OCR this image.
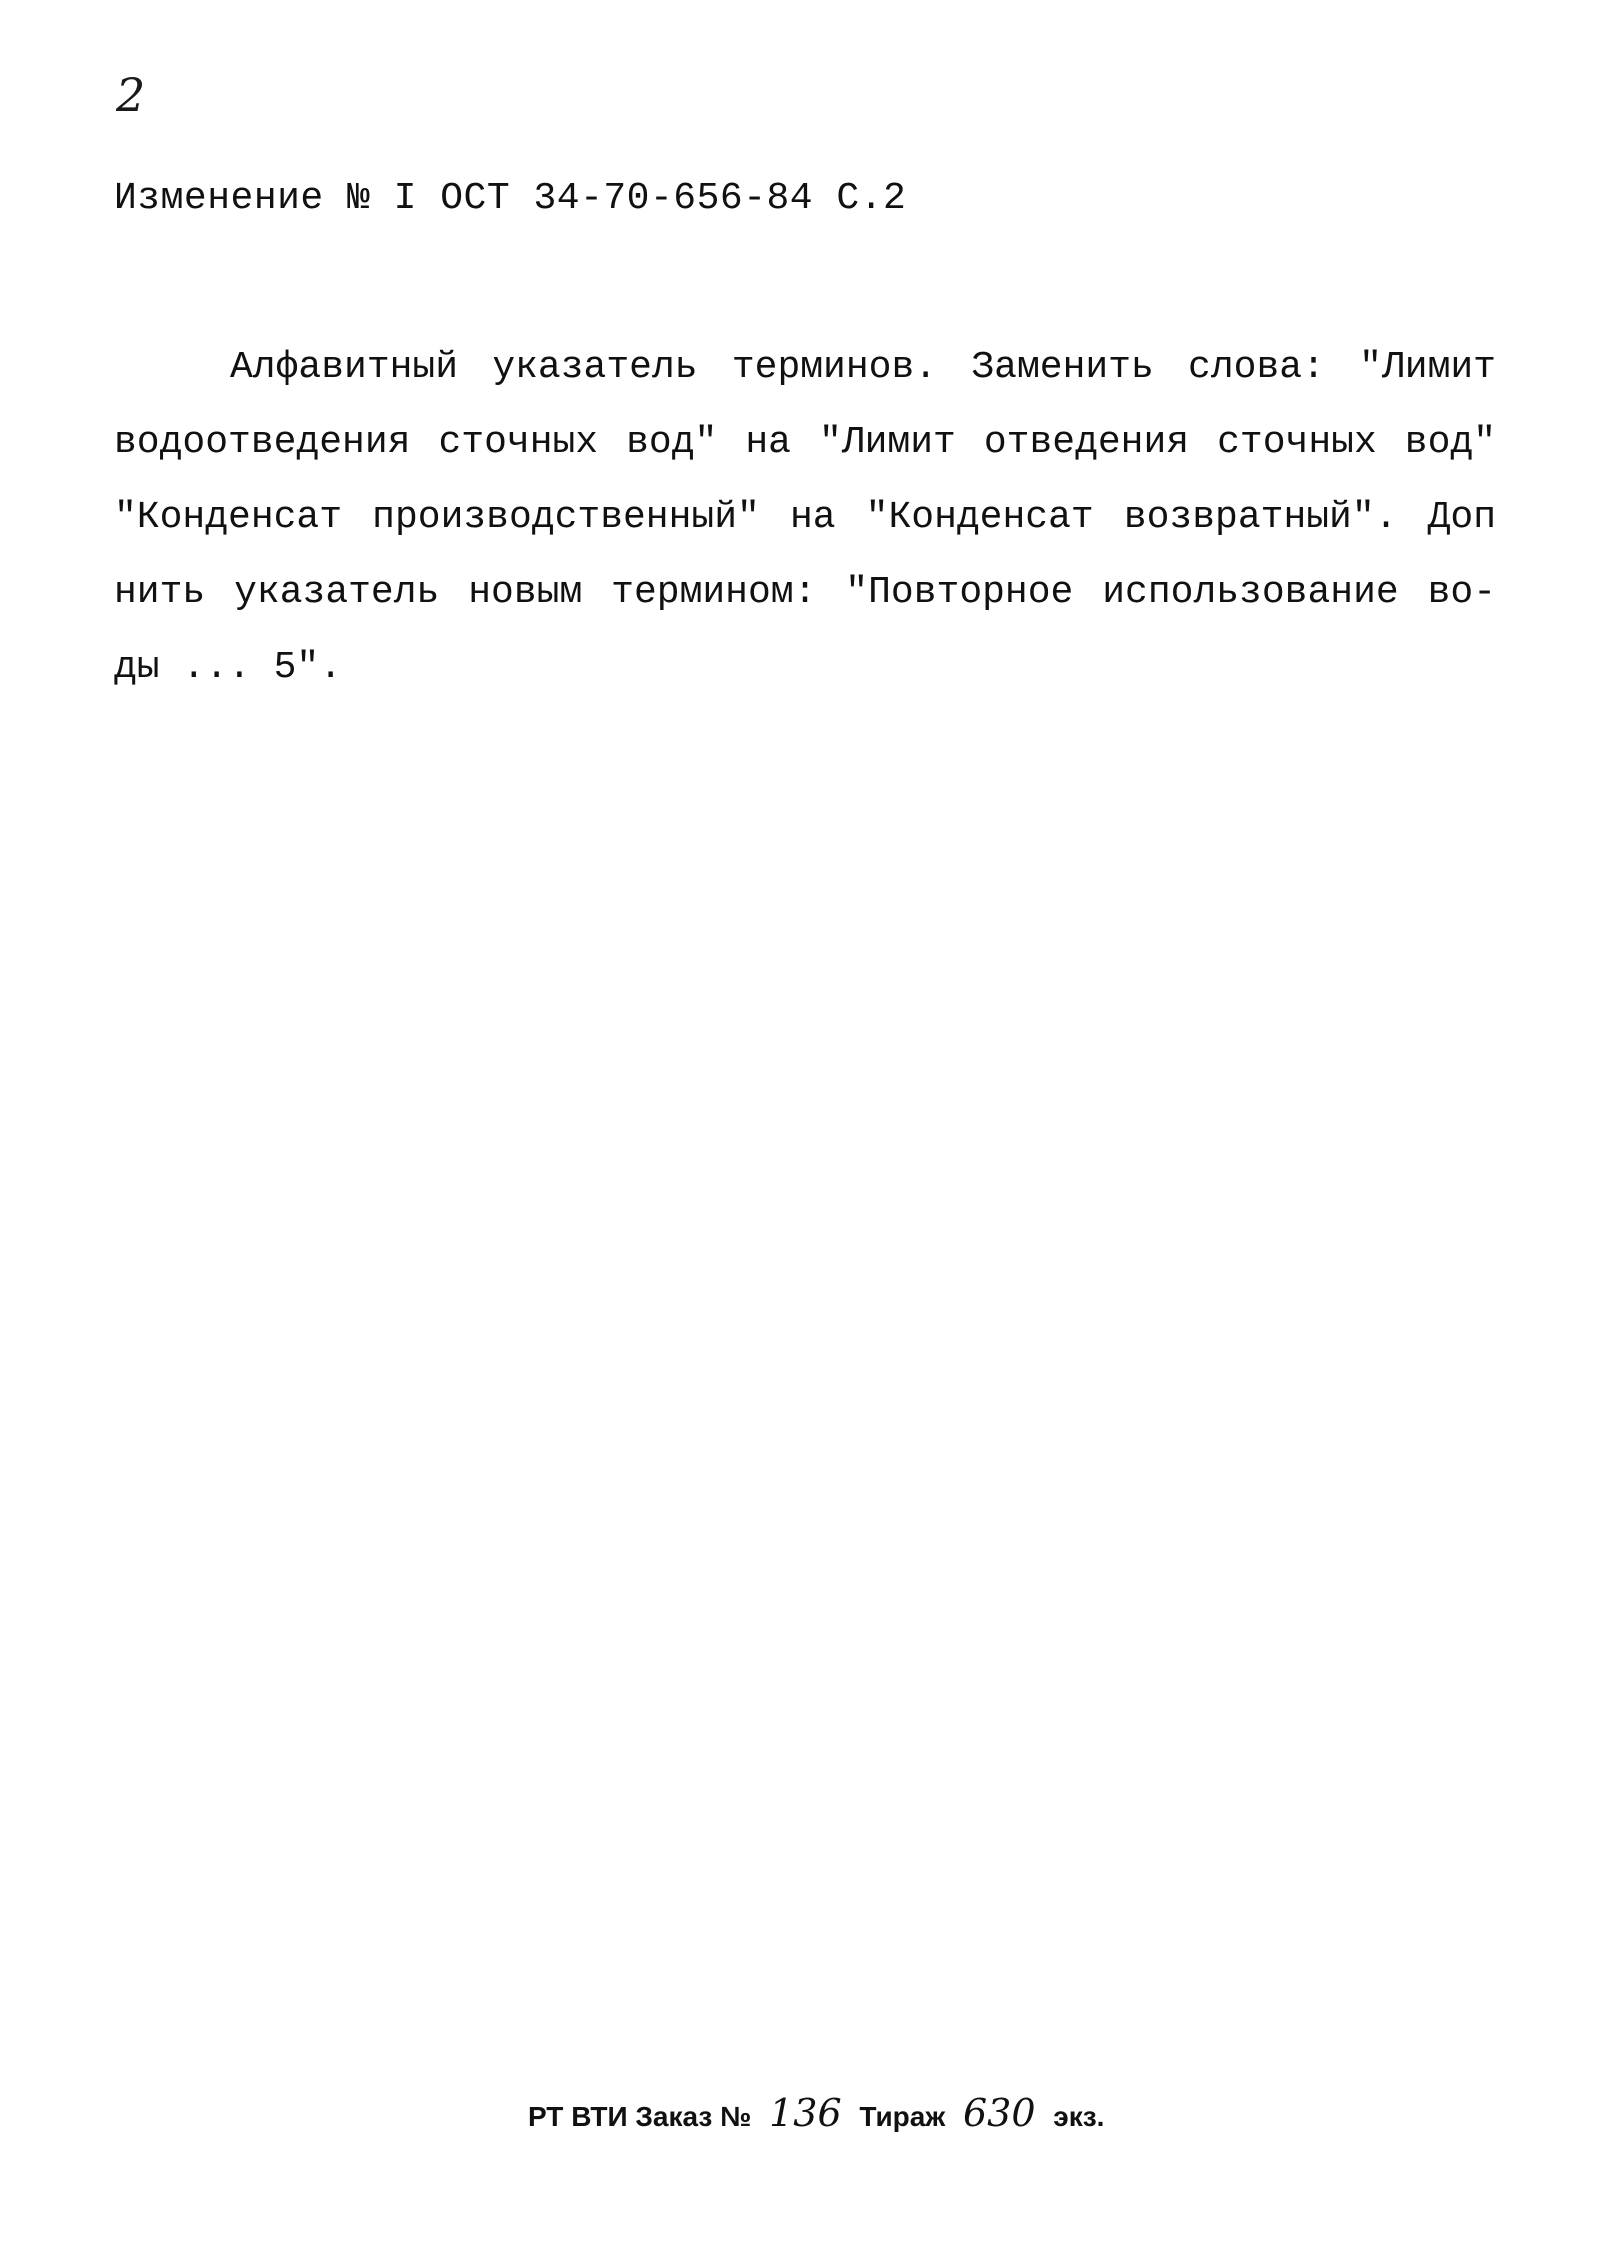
2
Изменение № I ОСТ 34-70-656-84 С.2
Алфавитный указатель терминов. Заменить слова: "Лимит
водоотведения сточных вод" на "Лимит отведения сточных вод"
"Конденсат производственный" на "Конденсат возвратный". Доп
нить указатель новым термином: "Повторное использование во-
ды ... 5".
РТ ВТИ Заказ № 136 Тираж 630 экз.
